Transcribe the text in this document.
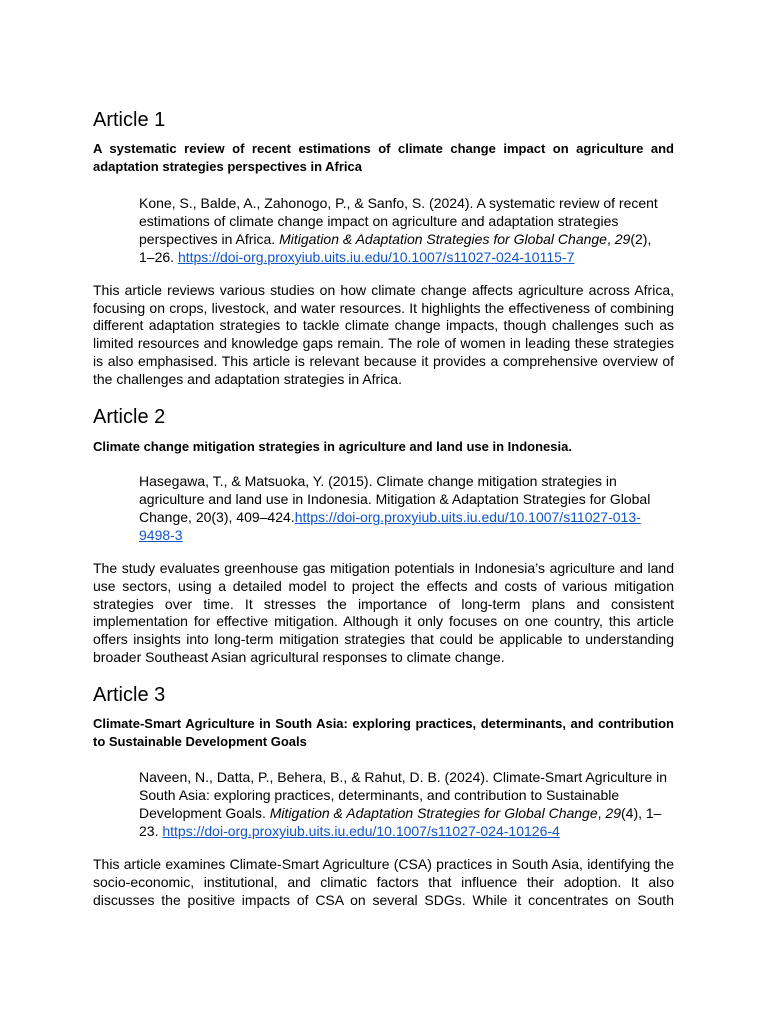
Article 1

A systematic review of recent estimations of climate change impact on agriculture and adaptation strategies perspectives in Africa

Kone, S., Balde, A., Zahonogo, P., & Sanfo, S. (2024). A systematic review of recent estimations of climate change impact on agriculture and adaptation strategies perspectives in Africa. Mitigation & Adaptation Strategies for Global Change, 29(2), 1–26. https://doi-org.proxyiub.uits.iu.edu/10.1007/s11027-024-10115-7

This article reviews various studies on how climate change affects agriculture across Africa, focusing on crops, livestock, and water resources. It highlights the effectiveness of combining different adaptation strategies to tackle climate change impacts, though challenges such as limited resources and knowledge gaps remain. The role of women in leading these strategies is also emphasised. This article is relevant because it provides a comprehensive overview of the challenges and adaptation strategies in Africa.

Article 2

Climate change mitigation strategies in agriculture and land use in Indonesia.

Hasegawa, T., & Matsuoka, Y. (2015). Climate change mitigation strategies in agriculture and land use in Indonesia. Mitigation & Adaptation Strategies for Global Change, 20(3), 409–424.https://doi-org.proxyiub.uits.iu.edu/10.1007/s11027-013-9498-3

The study evaluates greenhouse gas mitigation potentials in Indonesia’s agriculture and land use sectors, using a detailed model to project the effects and costs of various mitigation strategies over time. It stresses the importance of long-term plans and consistent implementation for effective mitigation. Although it only focuses on one country, this article offers insights into long-term mitigation strategies that could be applicable to understanding broader Southeast Asian agricultural responses to climate change.

Article 3

Climate-Smart Agriculture in South Asia: exploring practices, determinants, and contribution to Sustainable Development Goals

Naveen, N., Datta, P., Behera, B., & Rahut, D. B. (2024). Climate-Smart Agriculture in South Asia: exploring practices, determinants, and contribution to Sustainable Development Goals. Mitigation & Adaptation Strategies for Global Change, 29(4), 1–23. https://doi-org.proxyiub.uits.iu.edu/10.1007/s11027-024-10126-4

This article examines Climate-Smart Agriculture (CSA) practices in South Asia, identifying the socio-economic, institutional, and climatic factors that influence their adoption. It also discusses the positive impacts of CSA on several SDGs. While it concentrates on South
